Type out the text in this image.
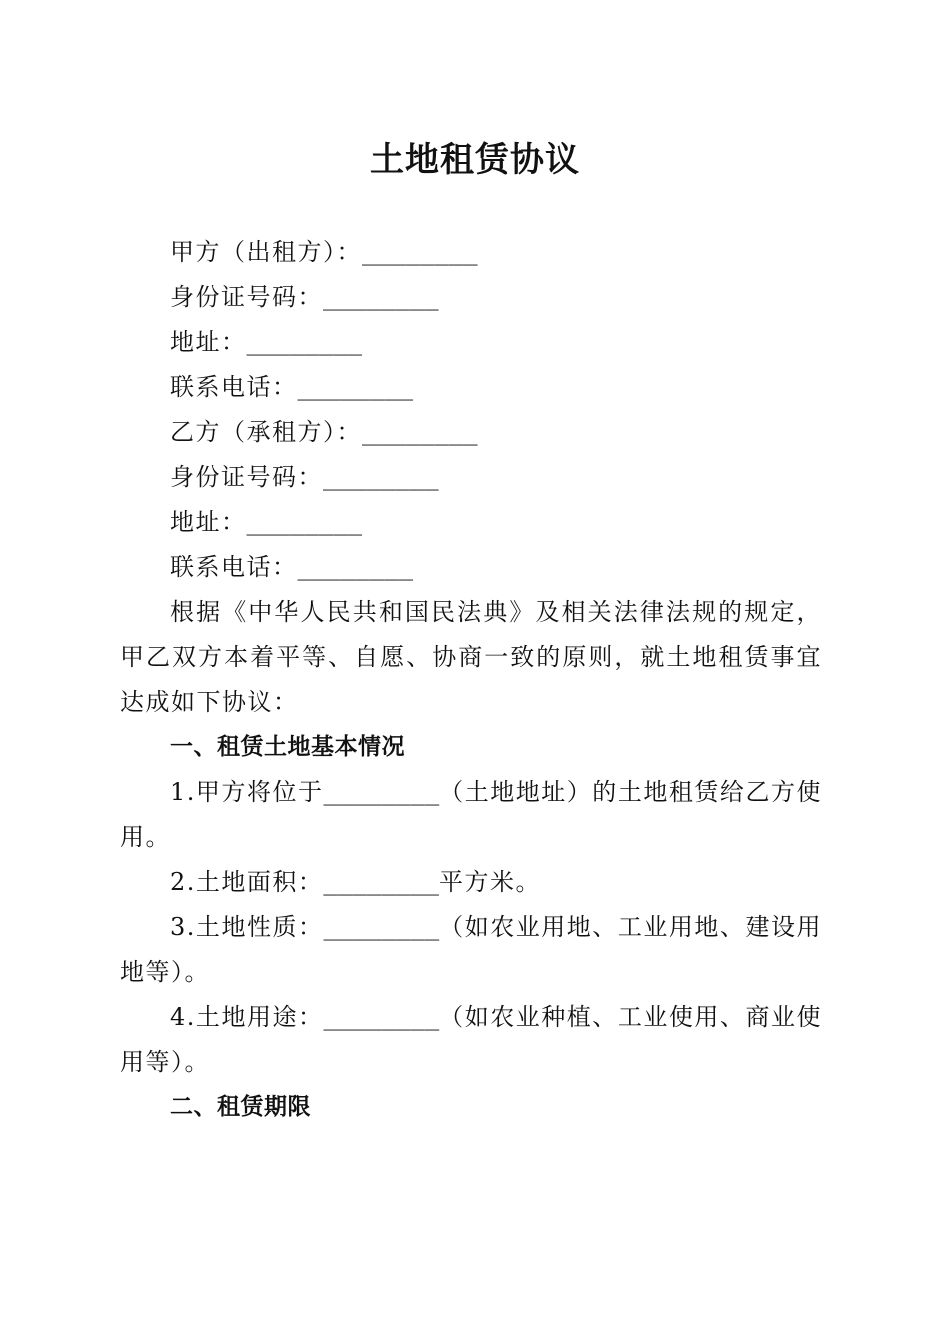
土地租赁协议

甲方（出租方）：________

身份证号码：________

地址：________

联系电话：________

乙方（承租方）：________

身份证号码：________

地址：________

联系电话：________

根据《中华人民共和国民法典》及相关法律法规的规定，甲乙双方本着平等、自愿、协商一致的原则，就土地租赁事宜达成如下协议：

一、租赁土地基本情况

1.甲方将位于________（土地地址）的土地租赁给乙方使用。

2.土地面积：________平方米。

3.土地性质：________（如农业用地、工业用地、建设用地等）。

4.土地用途：________（如农业种植、工业使用、商业使用等）。

二、租赁期限
